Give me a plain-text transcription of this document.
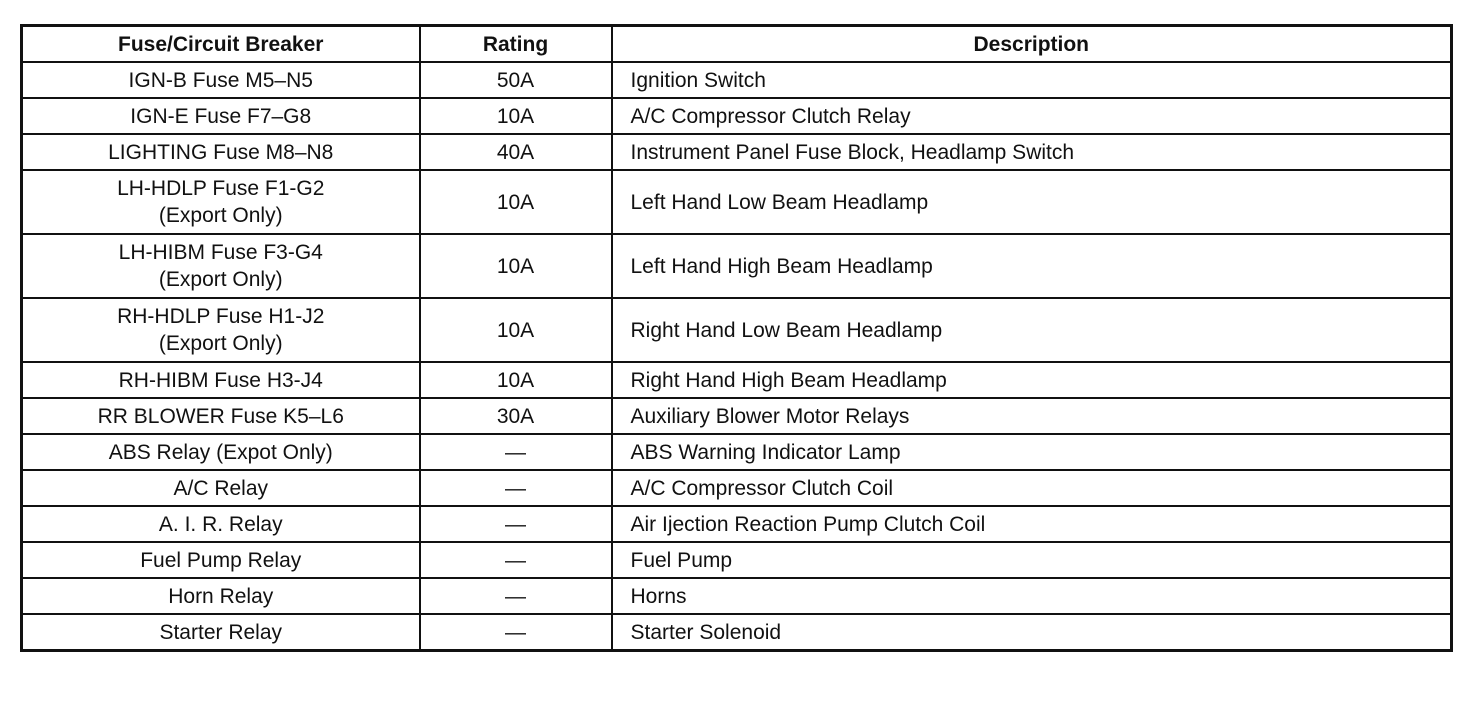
Fuse/Circuit Breaker	Rating	Description

IGN-B Fuse M5–N5	50A	Ignition Switch

IGN-E Fuse F7–G8	10A	A/C Compressor Clutch Relay

LIGHTING Fuse M8–N8	40A	Instrument Panel Fuse Block, Headlamp Switch

LH-HDLP Fuse F1-G2
(Export Only)	10A	Left Hand Low Beam Headlamp

LH-HIBM Fuse F3-G4
(Export Only)	10A	Left Hand High Beam Headlamp

RH-HDLP Fuse H1-J2
(Export Only)	10A	Right Hand Low Beam Headlamp

RH-HIBM Fuse H3-J4	10A	Right Hand High Beam Headlamp

RR BLOWER Fuse K5–L6	30A	Auxiliary Blower Motor Relays

ABS Relay (Expot Only)	—	ABS Warning Indicator Lamp

A/C Relay	—	A/C Compressor Clutch Coil

A. I. R. Relay	—	Air Ijection Reaction Pump Clutch Coil

Fuel Pump Relay	—	Fuel Pump

Horn Relay	—	Horns

Starter Relay	—	Starter Solenoid
